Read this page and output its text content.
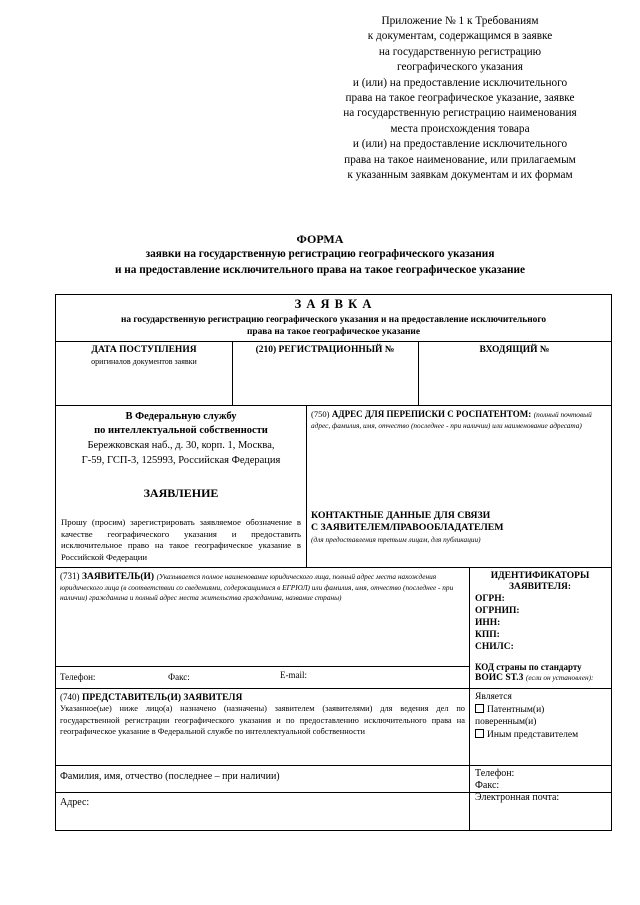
Приложение № 1 к Требованиям
к документам, содержащимся в заявке
на государственную регистрацию
географического указания
и (или) на предоставление исключительного
права на такое географическое указание, заявке
на государственную регистрацию наименования
места происхождения товара
и (или) на предоставление исключительного
права на такое наименование, или прилагаемым
к указанным заявкам документам и их формам
ФОРМА
заявки на государственную регистрацию географического указания
и на предоставление исключительного права на такое географическое указание
З А Я В К А
на государственную регистрацию географического указания и на предоставление исключительного
права на такое географическое указание
ДАТА ПОСТУПЛЕНИЯ
оригиналов документов заявки
(210) РЕГИСТРАЦИОННЫЙ №	ВХОДЯЩИЙ №
В Федеральную службу
по интеллектуальной собственности
Бережковская наб., д. 30, корп. 1, Москва,
Г-59, ГСП-3, 125993, Российская Федерация
ЗАЯВЛЕНИЕ
Прошу (просим) зарегистрировать заявляемое обозначение в качестве географического указания и предоставить исключительное право на такое географическое указание в Российской Федерации
(750) АДРЕС ДЛЯ ПЕРЕПИСКИ С РОСПАТЕНТОМ: (полный почтовый адрес, фамилия, имя, отчество (последнее - при наличии) или наименование адресата)
КОНТАКТНЫЕ ДАННЫЕ ДЛЯ СВЯЗИ
С ЗАЯВИТЕЛЕМ/ПРАВООБЛАДАТЕЛЕМ
(для предоставления третьим лицам, для публикации)
(731) ЗАЯВИТЕЛЬ(И) (Указывается полное наименование юридического лица, полный адрес места нахождения юридического лица (в соответствии со сведениями, содержащимися в ЕГРЮЛ) или фамилия, имя, отчество (последнее - при наличии) гражданина и полный адрес места жительства гражданина, название страны)
Телефон:	Факс:	E-mail:
ИДЕНТИФИКАТОРЫ
ЗАЯВИТЕЛЯ:
ОГРН:
ОГРНИП:
ИНН:
КПП:
СНИЛС:
КОД страны по стандарту
ВОИС ST.3 (если он установлен):
(740) ПРЕДСТАВИТЕЛЬ(И) ЗАЯВИТЕЛЯ
Указанное(ые) ниже лицо(а) назначено (назначены) заявителем (заявителями) для ведения дел по государственной регистрации географического указания и по предоставлению исключительного права на географическое указание в Федеральной службе по интеллектуальной собственности
Является
Патентным(и)
поверенным(и)
Иным представителем
Фамилия, имя, отчество (последнее – при наличии)
Адрес:
Телефон:
Факс:
Электронная почта:
